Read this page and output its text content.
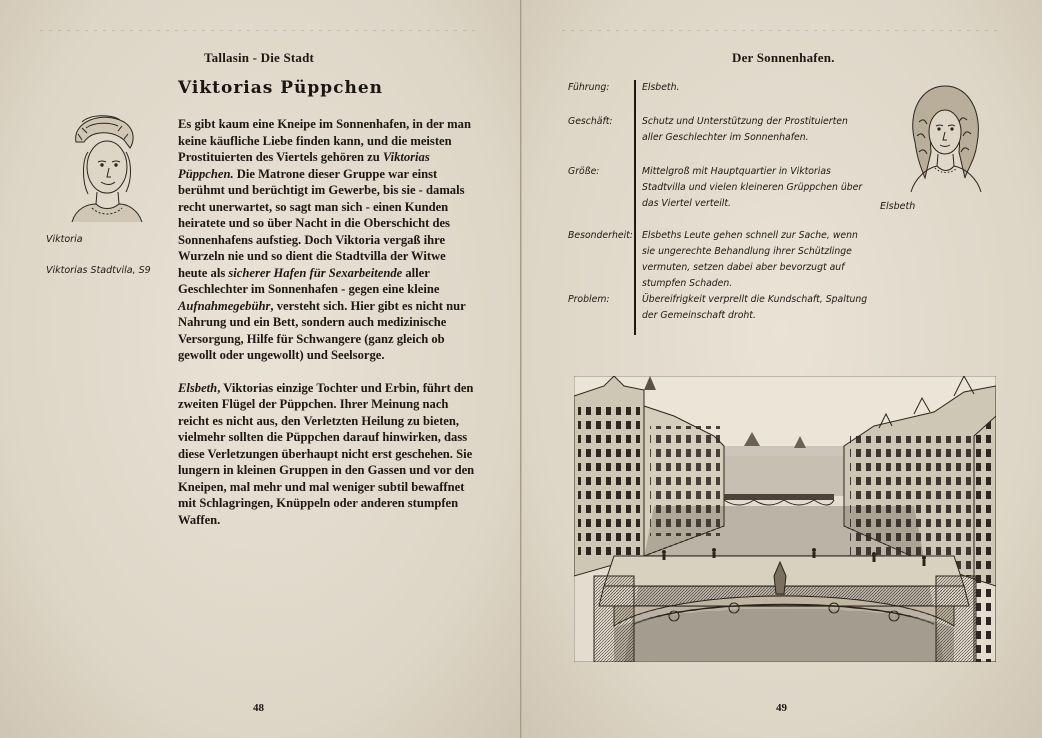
Tallasin - Die Stadt
Viktoria
Viktorias Stadtvila, S9
Viktorias Püppchen

Es gibt kaum eine Kneipe im Sonnenhafen, in der man keine käufliche Liebe finden kann, und die meisten Prostituierten des Viertels gehören zu Viktorias Püppchen. Die Matrone dieser Gruppe war einst berühmt und berüchtigt im Gewerbe, bis sie - damals recht unerwartet, so sagt man sich - einen Kunden heiratete und so über Nacht in die Oberschicht des Sonnenhafens aufstieg. Doch Viktoria vergaß ihre Wurzeln nie und so dient die Stadtvilla der Witwe heute als sicherer Hafen für Sexarbeitende aller Geschlechter im Sonnenhafen - gegen eine kleine Aufnahmegebühr, versteht sich. Hier gibt es nicht nur Nahrung und ein Bett, sondern auch medizinische Versorgung, Hilfe für Schwangere (ganz gleich ob gewollt oder ungewollt) und Seelsorge.

Elsbeth, Viktorias einzige Tochter und Erbin, führt den zweiten Flügel der Püppchen. Ihrer Meinung nach reicht es nicht aus, den Verletzten Heilung zu bieten, vielmehr sollten die Püppchen darauf hinwirken, dass diese Verletzungen überhaupt nicht erst geschehen. Sie lungern in kleinen Gruppen in den Gassen und vor den Kneipen, mal mehr und mal weniger subtil bewaffnet mit Schlagringen, Knüppeln oder anderen stumpfen Waffen.

48
Der Sonnenhafen.
Führung:	Elsbeth.
Geschäft:	Schutz und Unterstützung der Prostituierten aller Geschlechter im Sonnenhafen.
Größe:	Mittelgroß mit Hauptquartier in Viktorias Stadtvilla und vielen kleineren Grüppchen über das Viertel verteilt.
Besonderheit: Elsbeths Leute gehen schnell zur Sache, wenn sie ungerechte Behandlung ihrer Schützlinge vermuten, setzen dabei aber bevorzugt auf stumpfen Schaden.
Problem:	Übereifrigkeit verprellt die Kundschaft, Spaltung der Gemeinschaft droht.
Elsbeth
49
